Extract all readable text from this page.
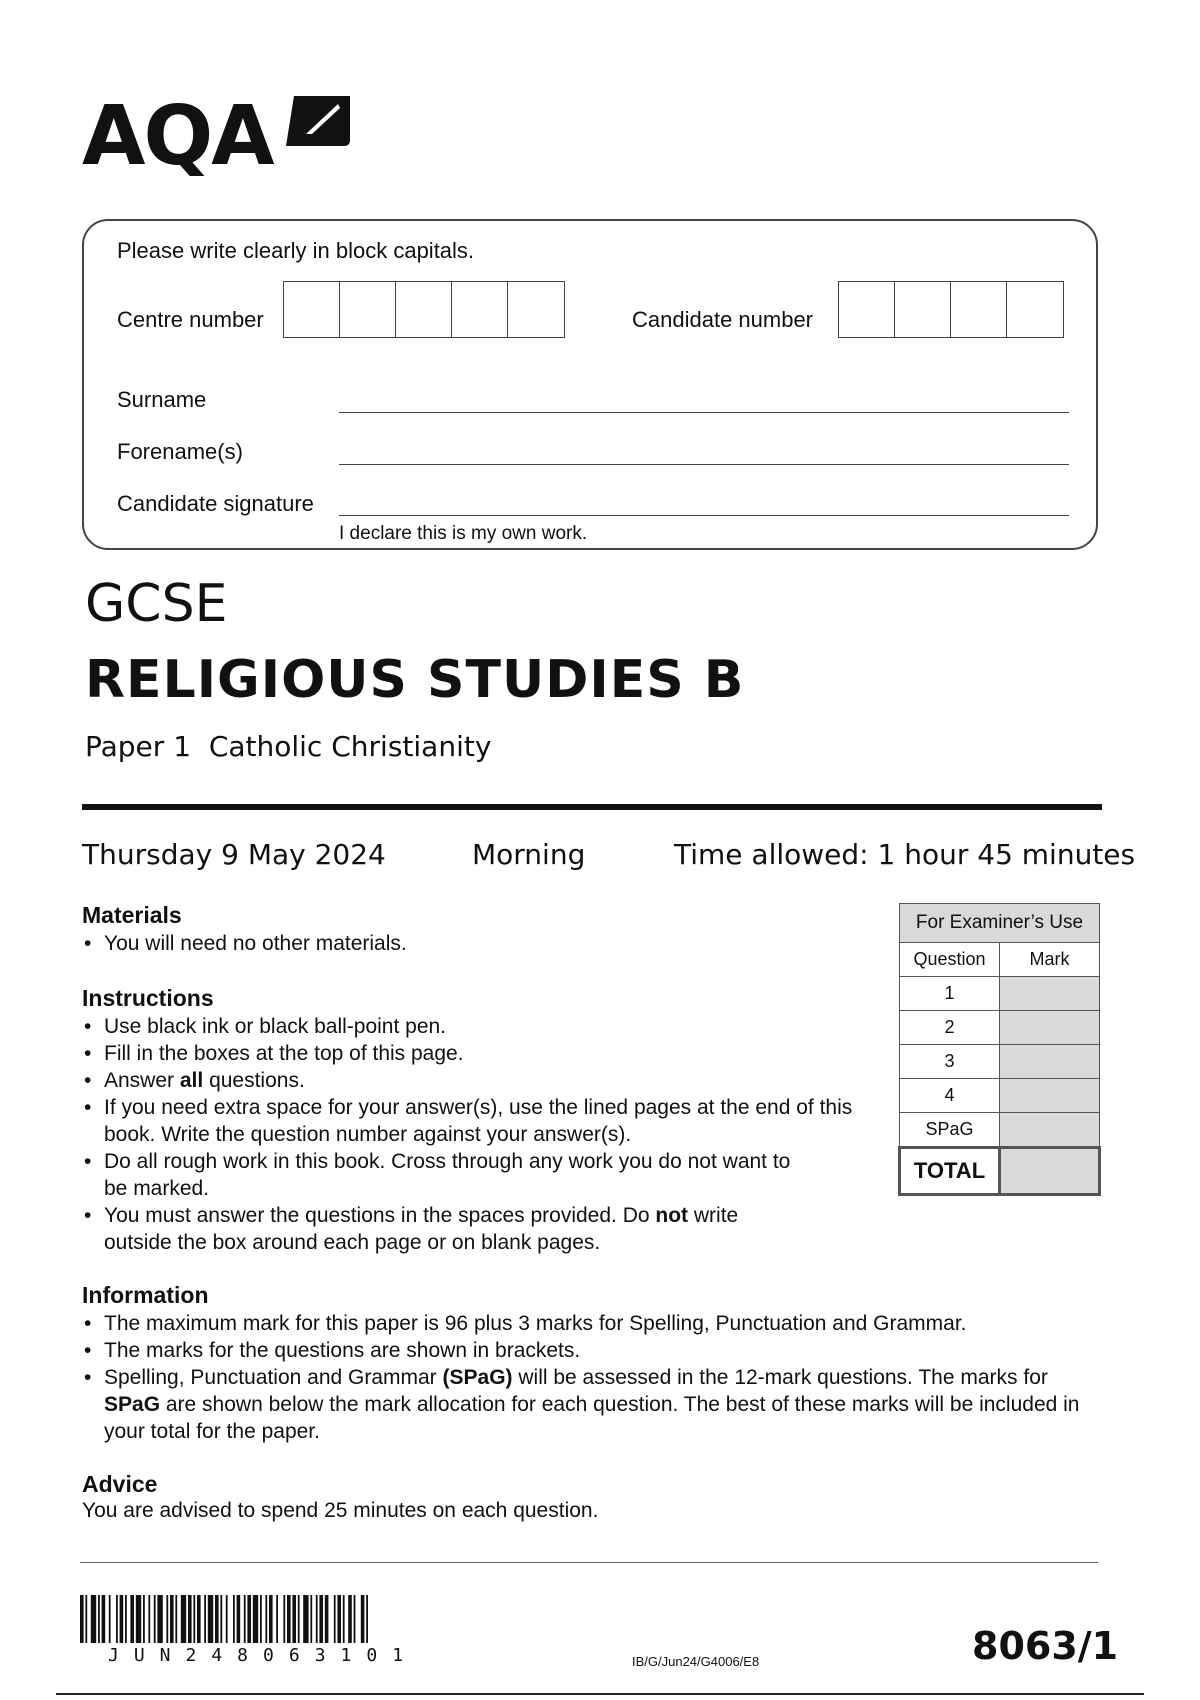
AQA
Please write clearly in block capitals.
Centre number	Candidate number
Surname
Forename(s)
Candidate signature
I declare this is my own work.
GCSE
RELIGIOUS STUDIES B
Paper 1  Catholic Christianity
Thursday 9 May 2024	Morning	Time allowed: 1 hour 45 minutes
Materials
• You will need no other materials.
Instructions
• Use black ink or black ball-point pen.
• Fill in the boxes at the top of this page.
• Answer all questions.
• If you need extra space for your answer(s), use the lined pages at the end of this book. Write the question number against your answer(s).
• Do all rough work in this book. Cross through any work you do not want to be marked.
• You must answer the questions in the spaces provided. Do not write outside the box around each page or on blank pages.
For Examiner’s Use	
Question	Mark
1	
2	
3	
4	
SPaG	
TOTAL	
Information
• The maximum mark for this paper is 96 plus 3 marks for Spelling, Punctuation and Grammar.
• The marks for the questions are shown in brackets.
• Spelling, Punctuation and Grammar (SPaG) will be assessed in the 12-mark questions. The marks for SPaG are shown below the mark allocation for each question. The best of these marks will be included in your total for the paper.
Advice
You are advised to spend 25 minutes on each question.
JUN248063101	IB/G/Jun24/G4006/E8	8063/1
